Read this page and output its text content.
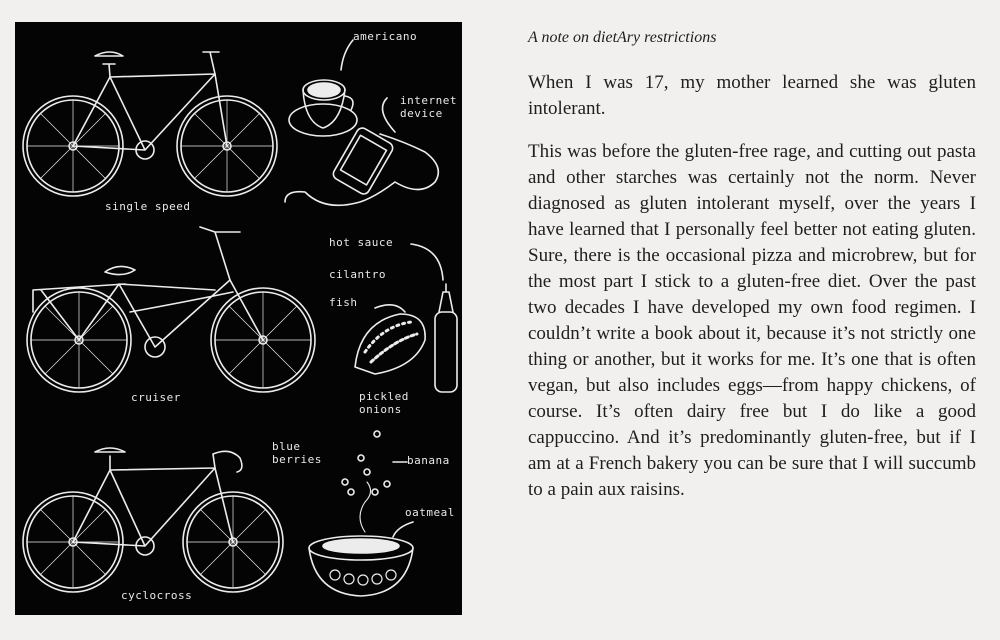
americano
internet device
single speed
hot sauce
cilantro
fish
cruiser	pickled onions
blue berries	banana
oatmeal
cyclocross

A note on dietAry restrictions

When I was 17, my mother learned she was gluten intolerant.

This was before the gluten-free rage, and cutting out pasta and other starches was certainly not the norm. Never diagnosed as gluten intolerant myself, over the years I have learned that I personally feel better not eating gluten. Sure, there is the occasional pizza and microbrew, but for the most part I stick to a gluten-free diet. Over the past two decades I have developed my own food regimen. I couldn’t write a book about it, because it’s not strictly one thing or another, but it works for me. It’s one that is often vegan, but also includes eggs—from happy chickens, of course. It’s often dairy free but I do like a good cappuccino. And it’s predominantly gluten-free, but if I am at a French bakery you can be sure that I will succumb to a pain aux raisins.
